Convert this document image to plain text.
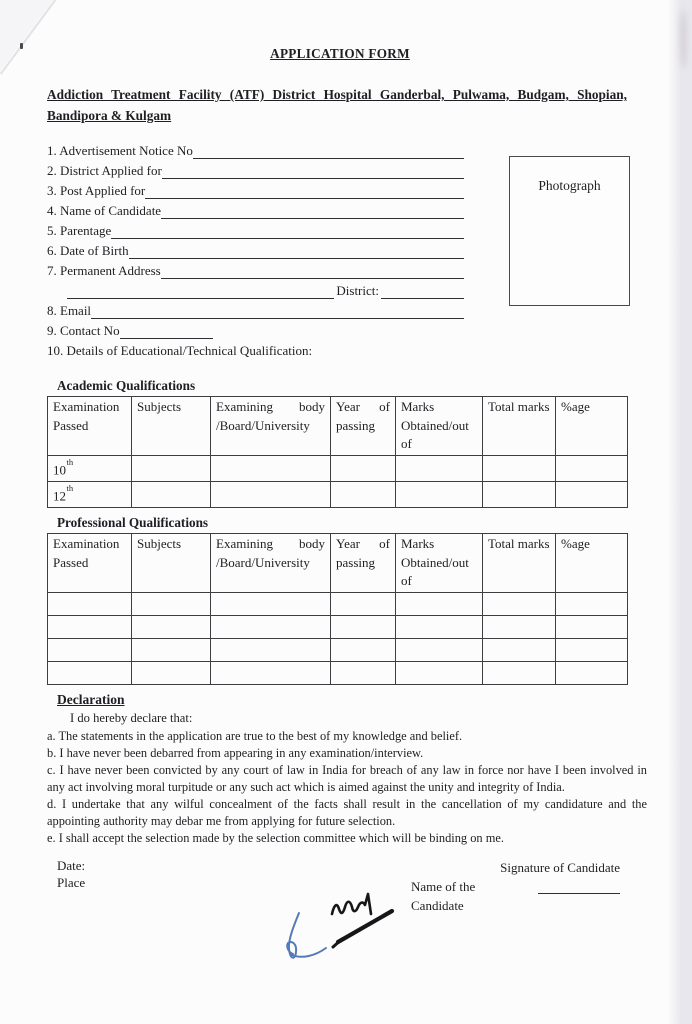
APPLICATION FORM
Addiction Treatment Facility (ATF) District Hospital Ganderbal, Pulwama, Budgam, Shopian,
Bandipora & Kulgam
1. Advertisement Notice No
2. District Applied for
3. Post Applied for
4. Name of Candidate
5. Parentage
6. Date of Birth
7. Permanent Address
District:
8. Email
9. Contact No
10. Details of Educational/Technical Qualification:
Photograph
Academic Qualifications
Examination Passed	Subjects	Examining body /Board/University	Year of passing	Marks Obtained/out of	Total marks	%age
10th						
12th						
Professional Qualifications
Examination Passed	Subjects	Examining body /Board/University	Year of passing	Marks Obtained/out of	Total marks	%age

Declaration
I do hereby declare that:
a. The statements in the application are true to the best of my knowledge and belief.
b. I have never been debarred from appearing in any examination/interview.
c. I have never been convicted by any court of law in India for breach of any law in force nor have I been involved in any act involving moral turpitude or any such act which is aimed against the unity and integrity of India.
d. I undertake that any wilful concealment of the facts shall result in the cancellation of my candidature and the appointing authority may debar me from applying for future selection.
e. I shall accept the selection made by the selection committee which will be binding on me.
Date:
Place
Signature of Candidate
Name of the Candidate
